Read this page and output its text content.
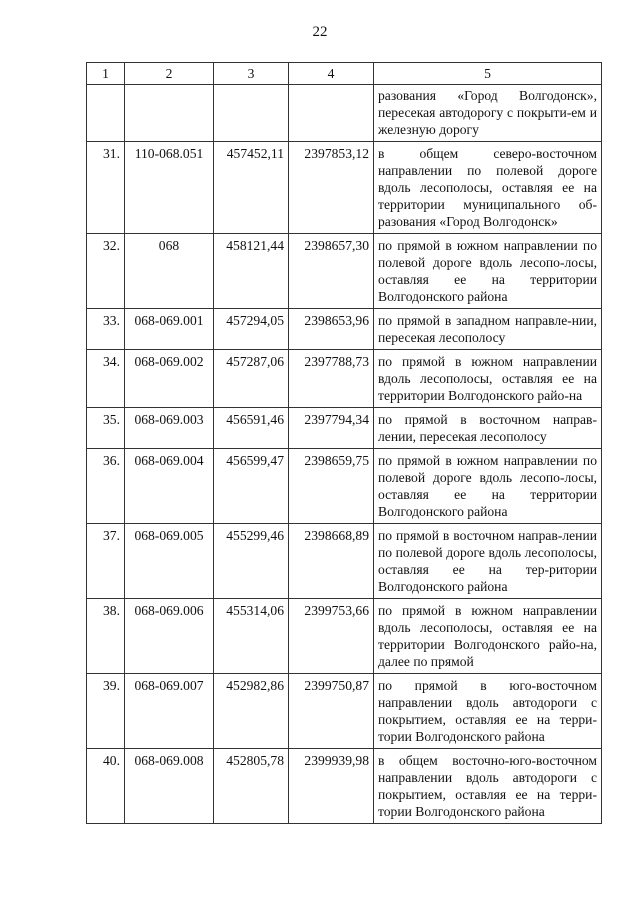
22
1	2	3	4	5
				разования «Город Волгодонск», пересекая автодорогу с покрыти-ем и железную дорогу
31.	110-068.051	457452,11	2397853,12	в общем северо-восточном направлении по полевой дороге вдоль лесополосы, оставляя ее на территории муниципального об-разования «Город Волгодонск»
32.	068	458121,44	2398657,30	по прямой в южном направлении по полевой дороге вдоль лесопо-лосы, оставляя ее на территории Волгодонского района
33.	068-069.001	457294,05	2398653,96	по прямой в западном направле-нии, пересекая лесополосу
34.	068-069.002	457287,06	2397788,73	по прямой в южном направлении вдоль лесополосы, оставляя ее на территории Волгодонского райо-на
35.	068-069.003	456591,46	2397794,34	по прямой в восточном направ-лении, пересекая лесополосу
36.	068-069.004	456599,47	2398659,75	по прямой в южном направлении по полевой дороге вдоль лесопо-лосы, оставляя ее на территории Волгодонского района
37.	068-069.005	455299,46	2398668,89	по прямой в восточном направ-лении по полевой дороге вдоль лесополосы, оставляя ее на тер-ритории Волгодонского района
38.	068-069.006	455314,06	2399753,66	по прямой в южном направлении вдоль лесополосы, оставляя ее на территории Волгодонского райо-на, далее по прямой
39.	068-069.007	452982,86	2399750,87	по прямой в юго-восточном направлении вдоль автодороги с покрытием, оставляя ее на терри-тории Волгодонского района
40.	068-069.008	452805,78	2399939,98	в общем восточно-юго-восточном направлении вдоль автодороги с покрытием, оставляя ее на терри-тории Волгодонского района
